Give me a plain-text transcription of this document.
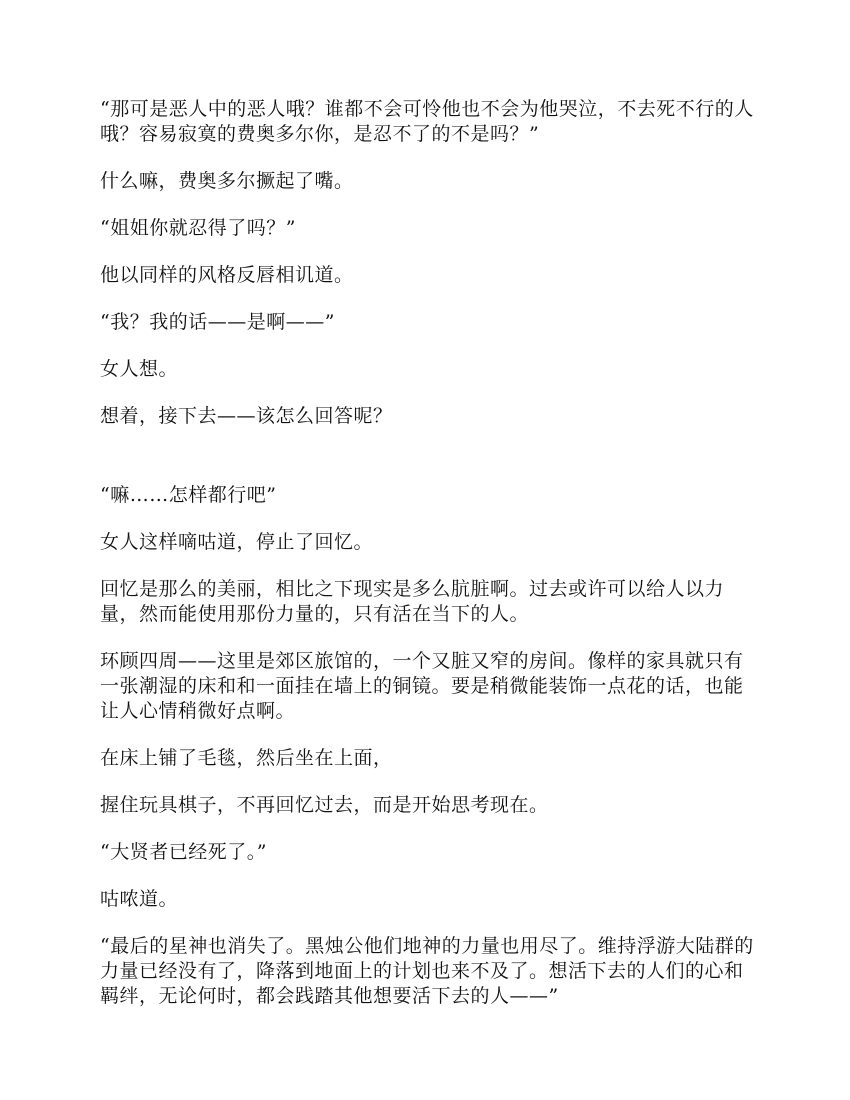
“那可是恶人中的恶人哦？谁都不会可怜他也不会为他哭泣，不去死不行的人哦？容易寂寞的费奥多尔你，是忍不了的不是吗？”

什么嘛，费奥多尔撅起了嘴。

“姐姐你就忍得了吗？”

他以同样的风格反唇相讥道。

“我？我的话——是啊——”

女人想。

想着，接下去——该怎么回答呢？

“嘛……怎样都行吧”

女人这样嘀咕道，停止了回忆。

回忆是那么的美丽，相比之下现实是多么肮脏啊。过去或许可以给人以力量，然而能使用那份力量的，只有活在当下的人。

环顾四周——这里是郊区旅馆的，一个又脏又窄的房间。像样的家具就只有一张潮湿的床和和一面挂在墙上的铜镜。要是稍微能装饰一点花的话，也能让人心情稍微好点啊。

在床上铺了毛毯，然后坐在上面，

握住玩具棋子，不再回忆过去，而是开始思考现在。

“大贤者已经死了。”

咕哝道。

“最后的星神也消失了。黑烛公他们地神的力量也用尽了。维持浮游大陆群的力量已经没有了，降落到地面上的计划也来不及了。想活下去的人们的心和羁绊，无论何时，都会践踏其他想要活下去的人——”
